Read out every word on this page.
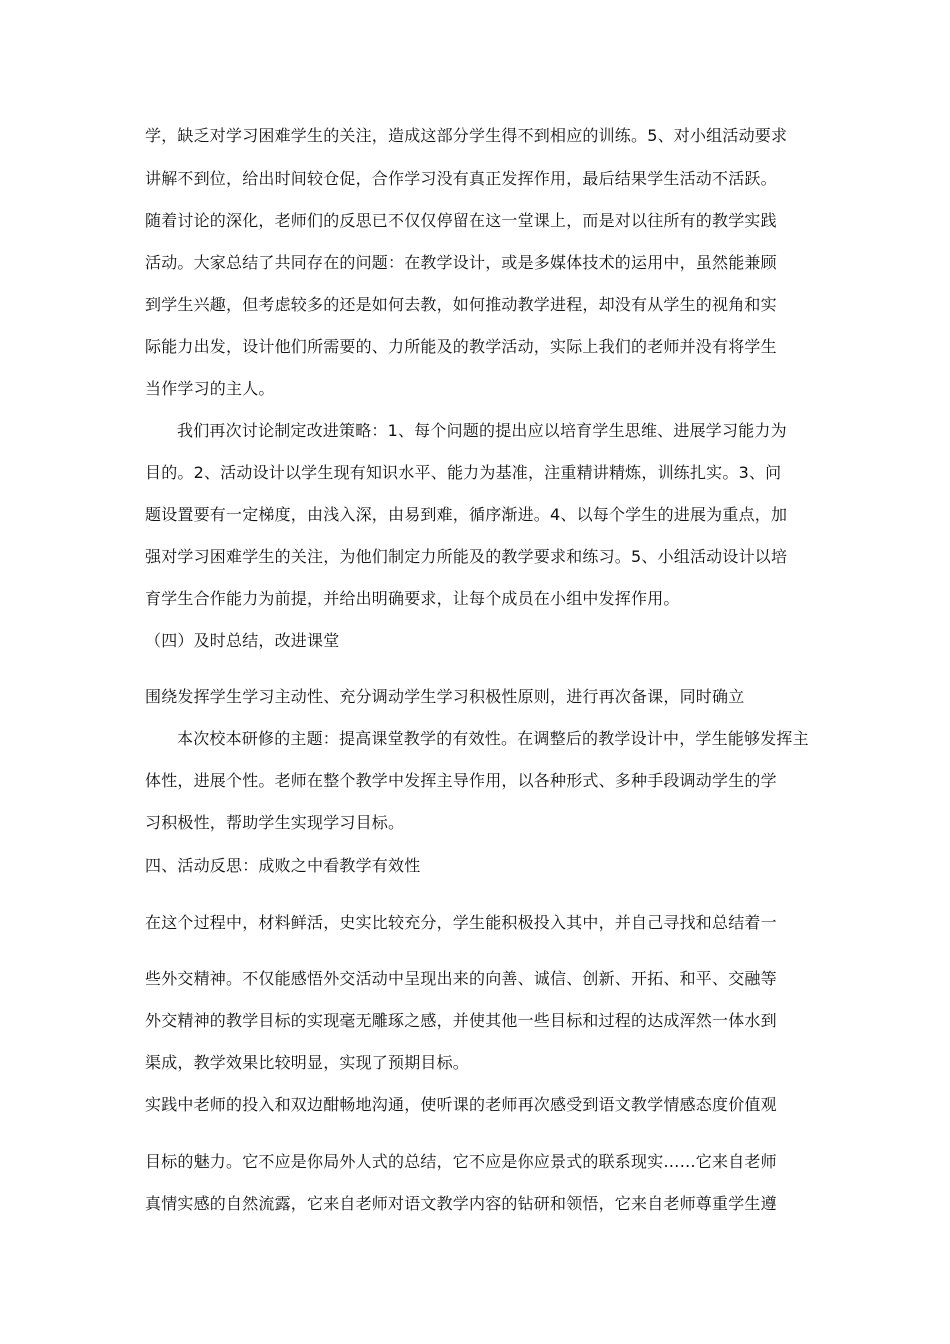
学，缺乏对学习困难学生的关注，造成这部分学生得不到相应的训练。5、对小组活动要求
讲解不到位，给出时间较仓促，合作学习没有真正发挥作用，最后结果学生活动不活跃。
随着讨论的深化，老师们的反思已不仅仅停留在这一堂课上，而是对以往所有的教学实践
活动。大家总结了共同存在的问题：在教学设计，或是多媒体技术的运用中，虽然能兼顾
到学生兴趣，但考虑较多的还是如何去教，如何推动教学进程，却没有从学生的视角和实
际能力出发，设计他们所需要的、力所能及的教学活动，实际上我们的老师并没有将学生
当作学习的主人。
我们再次讨论制定改进策略：1、每个问题的提出应以培育学生思维、进展学习能力为
目的。2、活动设计以学生现有知识水平、能力为基准，注重精讲精炼，训练扎实。3、问
题设置要有一定梯度，由浅入深，由易到难，循序渐进。4、以每个学生的进展为重点，加
强对学习困难学生的关注，为他们制定力所能及的教学要求和练习。5、小组活动设计以培
育学生合作能力为前提，并给出明确要求，让每个成员在小组中发挥作用。
（四）及时总结，改进课堂
围绕发挥学生学习主动性、充分调动学生学习积极性原则，进行再次备课，同时确立
本次校本研修的主题：提高课堂教学的有效性。在调整后的教学设计中，学生能够发挥主
体性，进展个性。老师在整个教学中发挥主导作用，以各种形式、多种手段调动学生的学
习积极性，帮助学生实现学习目标。
四、活动反思：成败之中看教学有效性
在这个过程中，材料鲜活，史实比较充分，学生能积极投入其中，并自己寻找和总结着一
些外交精神。不仅能感悟外交活动中呈现出来的向善、诚信、创新、开拓、和平、交融等
外交精神的教学目标的实现毫无雕琢之感，并使其他一些目标和过程的达成浑然一体水到
渠成，教学效果比较明显，实现了预期目标。
实践中老师的投入和双边酣畅地沟通，使听课的老师再次感受到语文教学情感态度价值观
目标的魅力。它不应是你局外人式的总结，它不应是你应景式的联系现实……它来自老师
真情实感的自然流露，它来自老师对语文教学内容的钻研和领悟，它来自老师尊重学生遵
